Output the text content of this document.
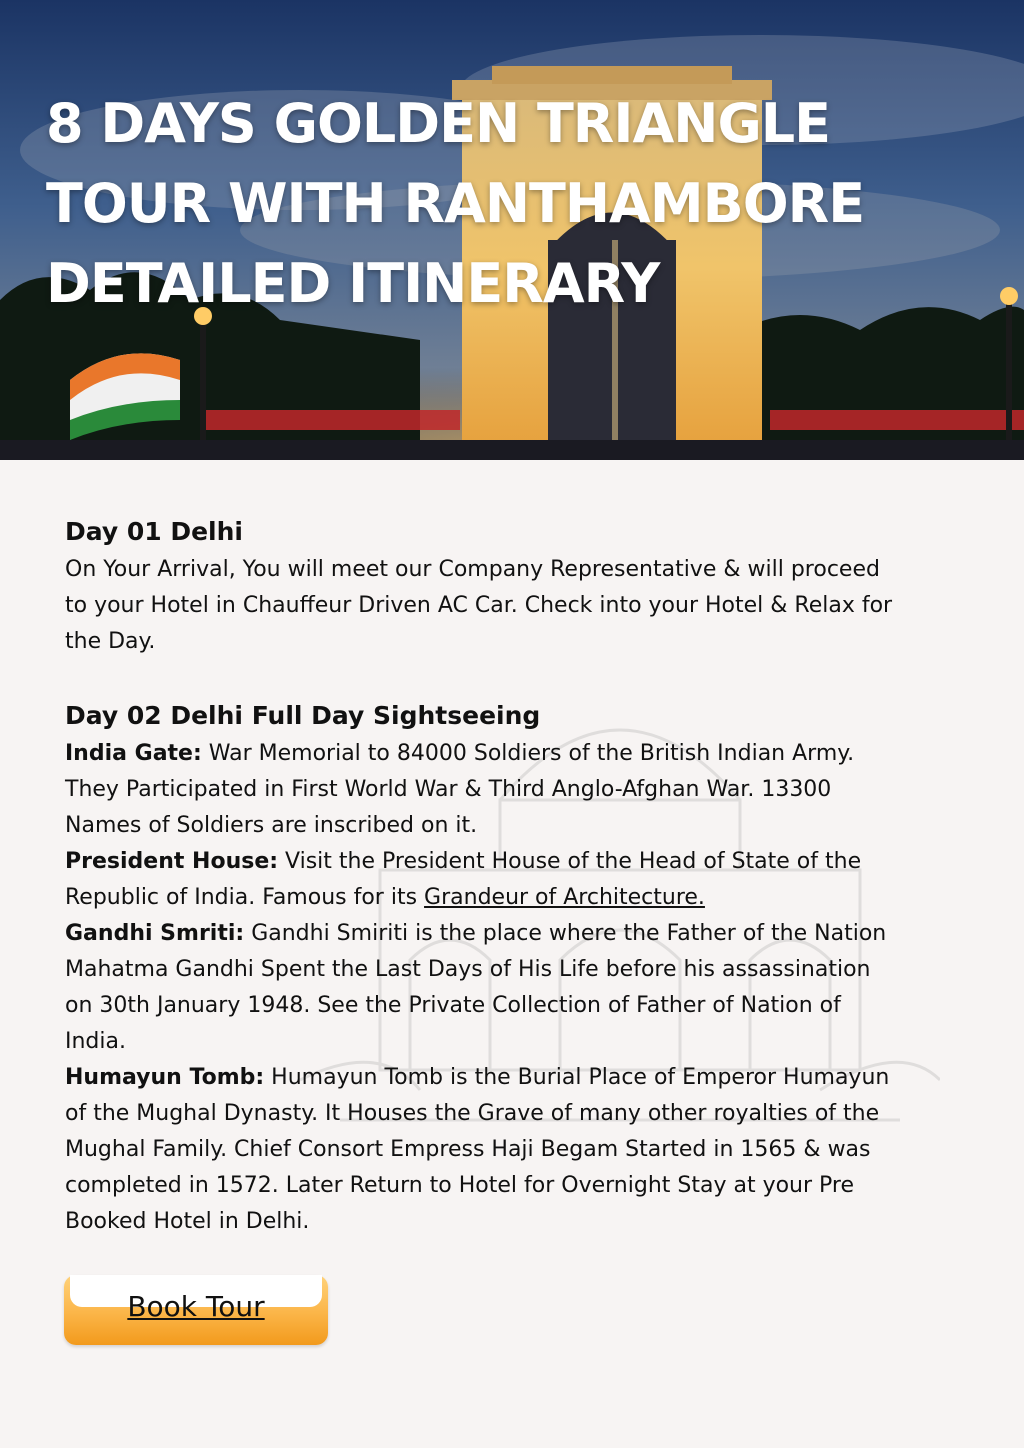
8 DAYS GOLDEN TRIANGLE
TOUR WITH RANTHAMBORE
DETAILED ITINERARY
Day 01 Delhi

On Your Arrival, You will meet our Company Representative & will proceed
to your Hotel in Chauffeur Driven AC Car. Check into your Hotel & Relax for
the Day.

Day 02 Delhi Full Day Sightseeing

India Gate: War Memorial to 84000 Soldiers of the British Indian Army.
They Participated in First World War & Third Anglo-Afghan War. 13300
Names of Soldiers are inscribed on it.

President House: Visit the President House of the Head of State of the
Republic of India. Famous for its Grandeur of Architecture.

Gandhi Smriti: Gandhi Smiriti is the place where the Father of the Nation
Mahatma Gandhi Spent the Last Days of His Life before his assassination
on 30th January 1948. See the Private Collection of Father of Nation of
India.

Humayun Tomb: Humayun Tomb is the Burial Place of Emperor Humayun
of the Mughal Dynasty. It Houses the Grave of many other royalties of the
Mughal Family. Chief Consort Empress Haji Begam Started in 1565 & was
completed in 1572. Later Return to Hotel for Overnight Stay at your Pre
Booked Hotel in Delhi.

Book Tour
